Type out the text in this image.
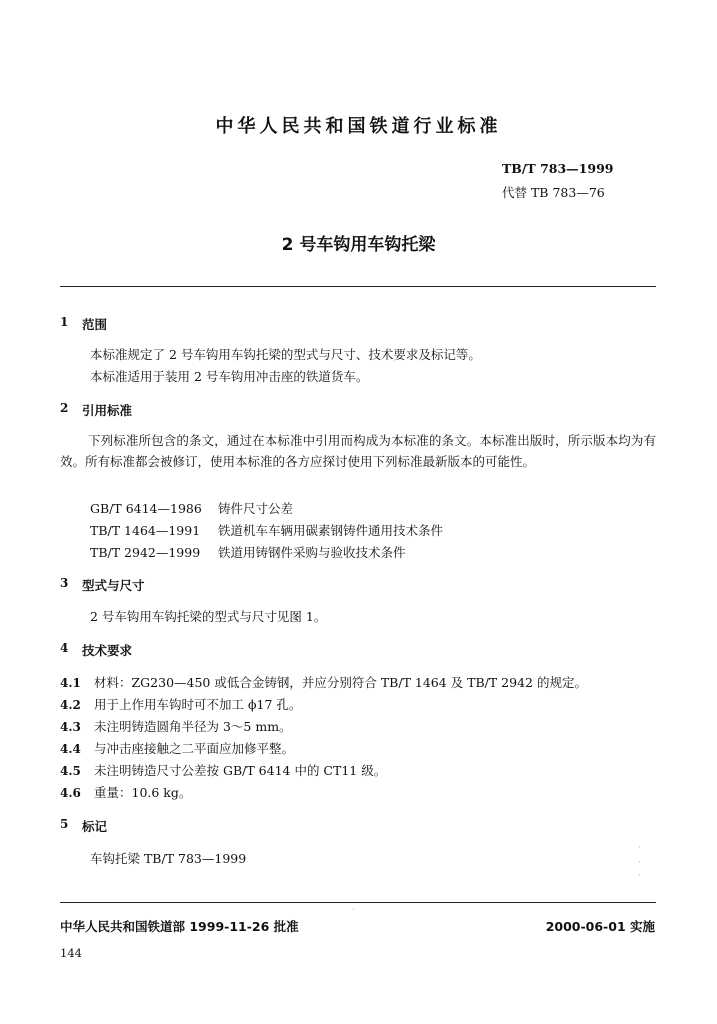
中华人民共和国铁道行业标准
TB/T 783—1999
代替 TB 783—76
2 号车钩用车钩托梁
1 范围
本标准规定了 2 号车钩用车钩托梁的型式与尺寸、技术要求及标记等。
本标准适用于装用 2 号车钩用冲击座的铁道货车。
2 引用标准
下列标准所包含的条文，通过在本标准中引用而构成为本标准的条文。本标准出版时，所示版本均为有效。所有标准都会被修订，使用本标准的各方应探讨使用下列标准最新版本的可能性。
GB/T 6414—1986 铸件尺寸公差
TB/T 1464—1991 铁道机车车辆用碳素钢铸件通用技术条件
TB/T 2942—1999 铁道用铸钢件采购与验收技术条件
3 型式与尺寸
2 号车钩用车钩托梁的型式与尺寸见图 1。
4 技术要求
4.1 材料：ZG230—450 或低合金铸钢，并应分别符合 TB/T 1464 及 TB/T 2942 的规定。
4.2 用于上作用车钩时可不加工 ϕ17 孔。
4.3 未注明铸造圆角半径为 3～5 mm。
4.4 与冲击座接触之二平面应加修平整。
4.5 未注明铸造尺寸公差按 GB/T 6414 中的 CT11 级。
4.6 重量：10.6 kg。
5 标记
车钩托梁 TB/T 783—1999
·
·
·
·
中华人民共和国铁道部 1999-11-26 批准	2000-06-01 实施
144
